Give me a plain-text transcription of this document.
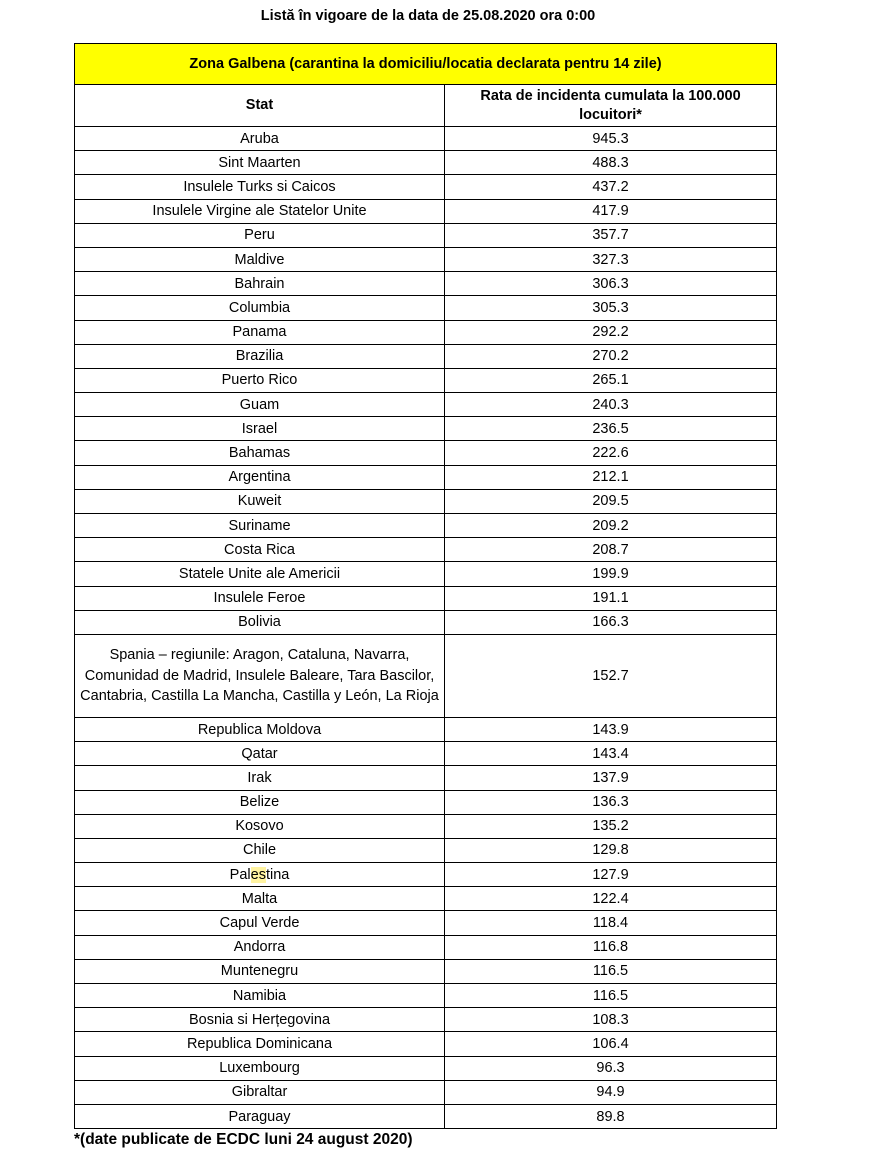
Listă în vigoare de la data de 25.08.2020 ora 0:00
Zona Galbena (carantina la domiciliu/locatia declarata pentru 14 zile)	
Stat	Rata de incidenta cumulata la 100.000 locuitori*
Aruba	945.3
Sint Maarten	488.3
Insulele Turks si Caicos	437.2
Insulele Virgine ale Statelor Unite	417.9
Peru	357.7
Maldive	327.3
Bahrain	306.3
Columbia	305.3
Panama	292.2
Brazilia	270.2
Puerto Rico	265.1
Guam	240.3
Israel	236.5
Bahamas	222.6
Argentina	212.1
Kuweit	209.5
Suriname	209.2
Costa Rica	208.7
Statele Unite ale Americii	199.9
Insulele Feroe	191.1
Bolivia	166.3
Spania – regiunile: Aragon, Cataluna, Navarra, Comunidad de Madrid, Insulele Baleare, Tara Bascilor, Cantabria, Castilla La Mancha, Castilla y León, La Rioja	152.7
Republica Moldova	143.9
Qatar	143.4
Irak	137.9
Belize	136.3
Kosovo	135.2
Chile	129.8
Palestina	127.9
Malta	122.4
Capul Verde	118.4
Andorra	116.8
Muntenegru	116.5
Namibia	116.5
Bosnia si Herțegovina	108.3
Republica Dominicana	106.4
Luxembourg	96.3
Gibraltar	94.9
Paraguay	89.8
*(date publicate de ECDC luni 24 august 2020)
